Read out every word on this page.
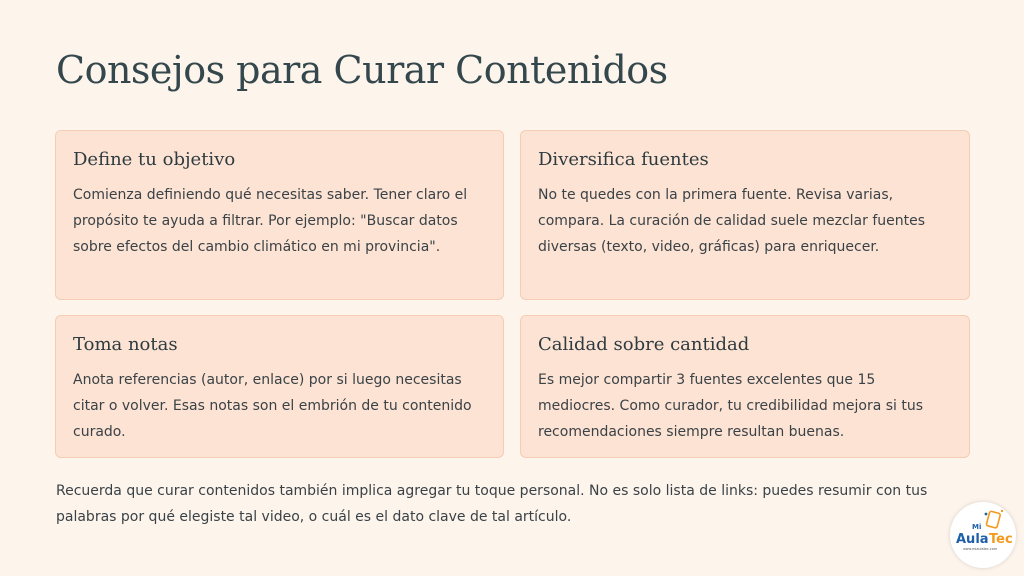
Consejos para Curar Contenidos
Define tu objetivo

Comienza definiendo qué necesitas saber. Tener claro el propósito te ayuda a filtrar. Por ejemplo: "Buscar datos sobre efectos del cambio climático en mi provincia".

Diversifica fuentes

No te quedes con la primera fuente. Revisa varias, compara. La curación de calidad suele mezclar fuentes diversas (texto, video, gráficas) para enriquecer.

Toma notas

Anota referencias (autor, enlace) por si luego necesitas citar o volver. Esas notas son el embrión de tu contenido curado.

Calidad sobre cantidad

Es mejor compartir 3 fuentes excelentes que 15 mediocres. Como curador, tu credibilidad mejora si tus recomendaciones siempre resultan buenas.

Recuerda que curar contenidos también implica agregar tu toque personal. No es solo lista de links: puedes resumir con tus palabras por qué elegiste tal video, o cuál es el dato clave de tal artículo.

Mi
Aula Tec
www.miaulatec.com
